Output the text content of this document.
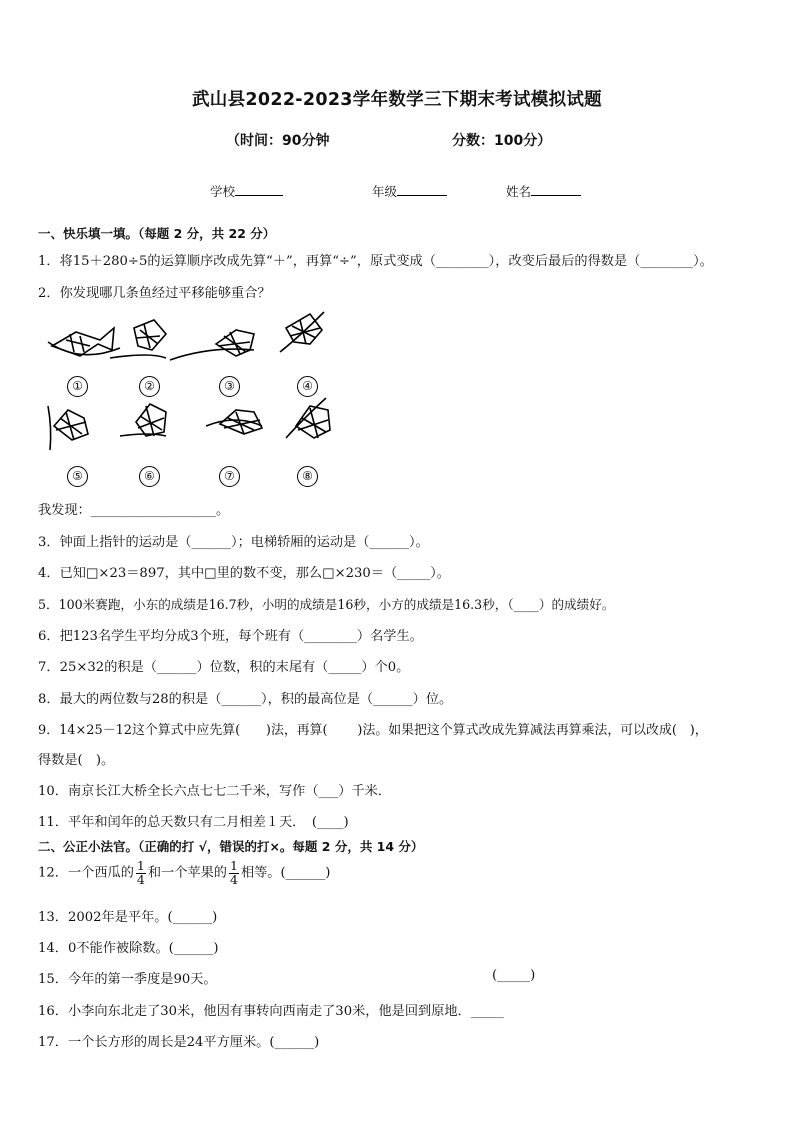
武山县2022-2023学年数学三下期末考试模拟试题
（时间：90分钟	分数：100分）
学校	年级	姓名
一、快乐填一填。（每题 2 分，共 22 分）
1．将15＋280÷5的运算顺序改成先算“＋”，再算“÷”，原式变成（________），改变后最后的得数是（________）。
2．你发现哪几条鱼经过平移能够重合？
①	②	③	④
⑤	⑥	⑦	⑧
我发现：___________________。
3．钟面上指针的运动是（______）；电梯轿厢的运动是（______）。
4．已知□×23＝897，其中□里的数不变，那么□×230＝（_____）。
5．100米赛跑，小东的成绩是16.7秒，小明的成绩是16秒，小方的成绩是16.3秒，（____）的成绩好。
6．把123名学生平均分成3个班，每个班有（________）名学生。
7．25×32的积是（______）位数，积的末尾有（_____）个0。
8．最大的两位数与28的积是（______），积的最高位是（______）位。
9．14×25－12这个算式中应先算(　　)法，再算(　　 )法。如果把这个算式改成先算减法再算乘法，可以改成(　)，
得数是(　)。
10．南京长江大桥全长六点七七二千米，写作（___）千米．
11．平年和闰年的总天数只有二月相差１天．　(____)
二、公正小法官。（正确的打 √，错误的打×。每题 2 分，共 14 分）
12．一个西瓜的 $\frac{1}{4}$ 和一个苹果的 $\frac{1}{4}$ 相等。(______)
13．2002年是平年。(______)
14．0不能作被除数。(______)
15．今年的第一季度是90天。	(_____)
16．小李向东北走了30米，他因有事转向西南走了30米，他是回到原地．_____
17．一个长方形的周长是24平方厘米。(______)
